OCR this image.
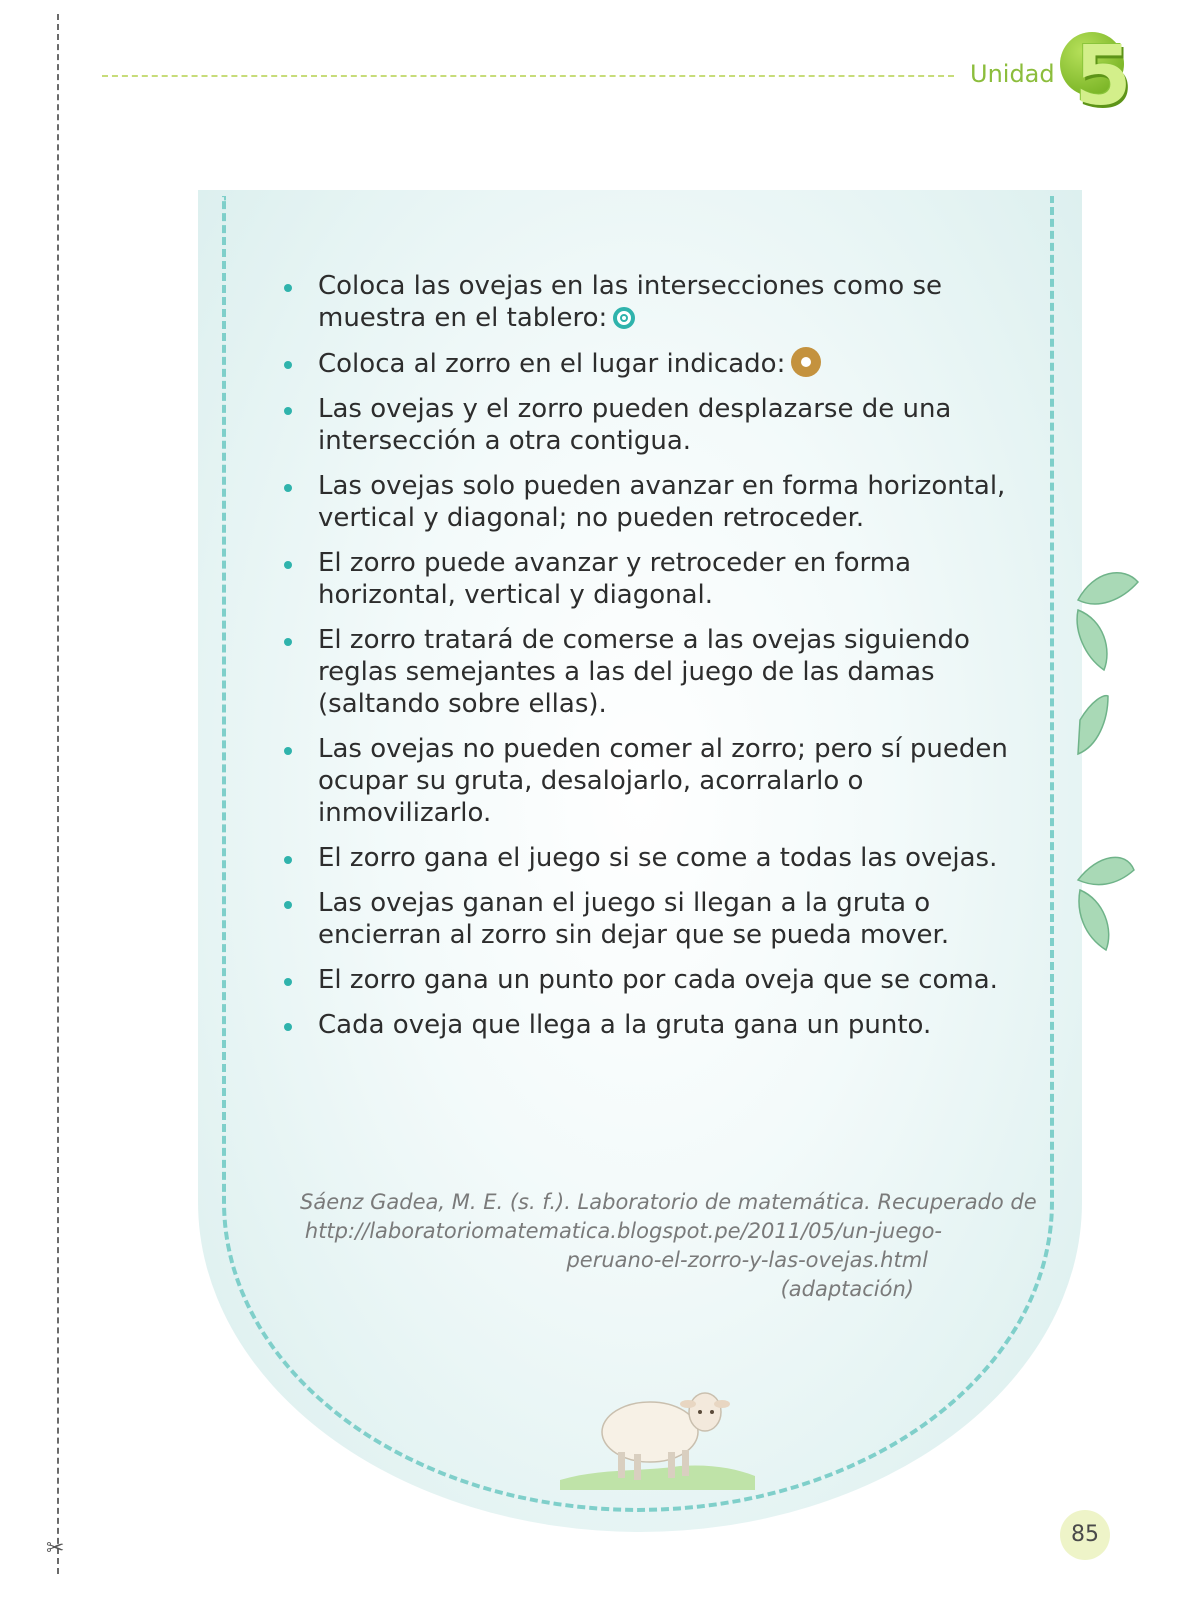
✂
Unidad 5
Coloca las ovejas en las intersecciones como se muestra en el tablero:
Coloca al zorro en el lugar indicado:
Las ovejas y el zorro pueden desplazarse de una intersección a otra contigua.
Las ovejas solo pueden avanzar en forma horizontal, vertical y diagonal; no pueden retroceder.
El zorro puede avanzar y retroceder en forma horizontal, vertical y diagonal.
El zorro tratará de comerse a las ovejas siguiendo reglas semejantes a las del juego de las damas (saltando sobre ellas).
Las ovejas no pueden comer al zorro; pero sí pueden ocupar su gruta, desalojarlo, acorralarlo o inmovilizarlo.
El zorro gana el juego si se come a todas las ovejas.
Las ovejas ganan el juego si llegan a la gruta o encierran al zorro sin dejar que se pueda mover.
El zorro gana un punto por cada oveja que se coma.
Cada oveja que llega a la gruta gana un punto.
Sáenz Gadea, M. E. (s. f.). Laboratorio de matemática. Recuperado de
http://laboratoriomatematica.blogspot.pe/2011/05/un-juego-
peruano-el-zorro-y-las-ovejas.html
(adaptación)
85
